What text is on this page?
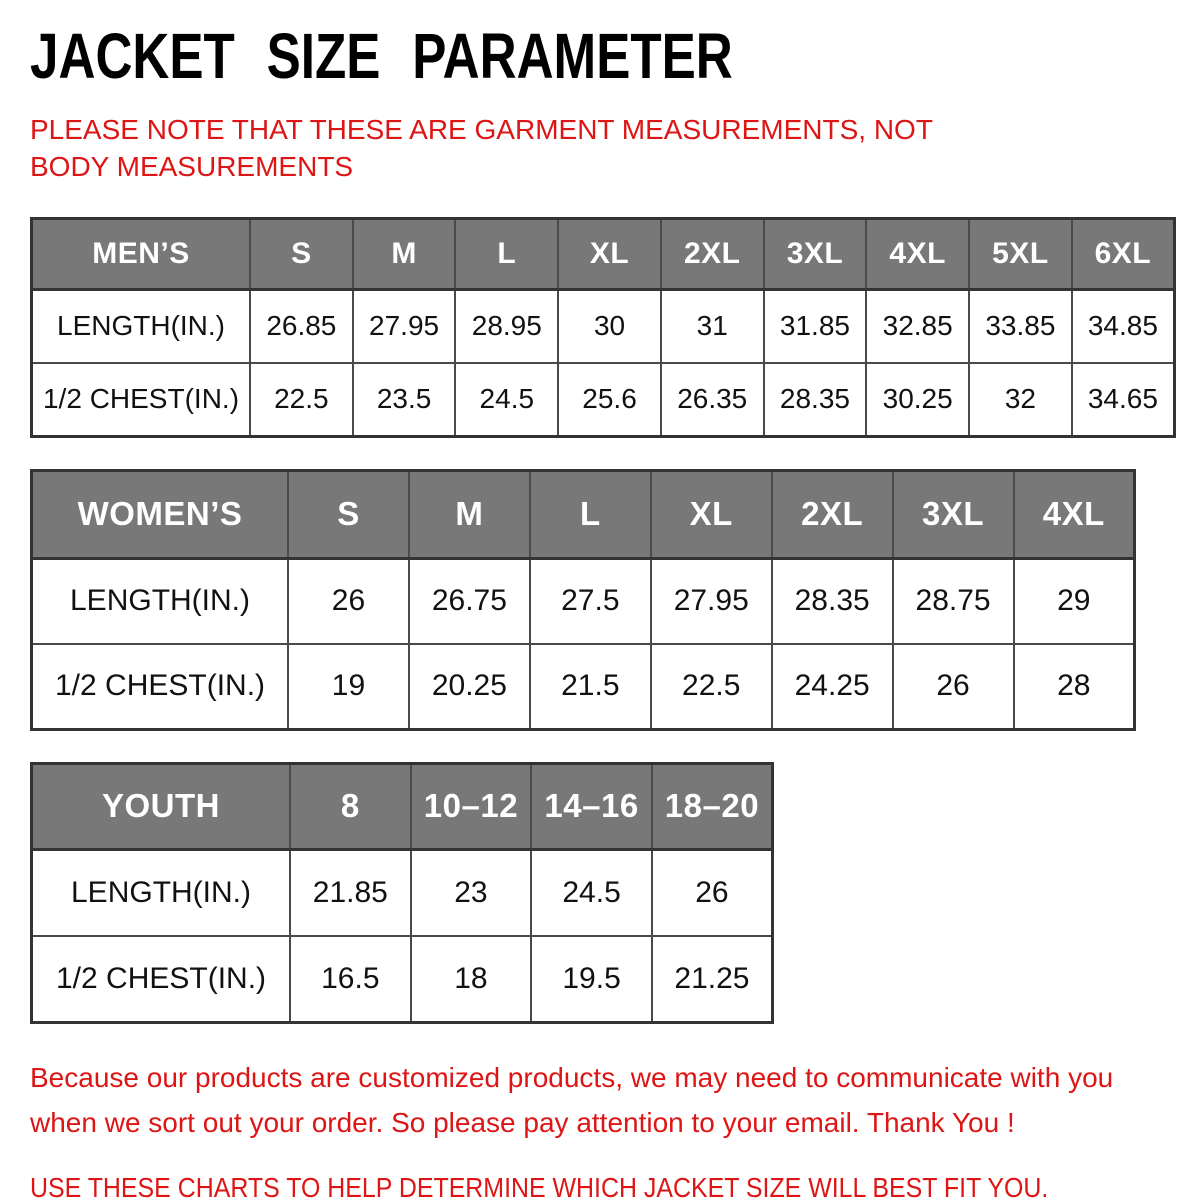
JACKET SIZE PARAMETER

PLEASE NOTE THAT THESE ARE GARMENT MEASUREMENTS, NOT BODY MEASUREMENTS

MEN’S	S	M	L	XL	2XL	3XL	4XL	5XL	6XL
LENGTH(IN.)	26.85	27.95	28.95	30	31	31.85	32.85	33.85	34.85
1/2 CHEST(IN.)	22.5	23.5	24.5	25.6	26.35	28.35	30.25	32	34.65
WOMEN’S	S	M	L	XL	2XL	3XL	4XL
LENGTH(IN.)	26	26.75	27.5	27.95	28.35	28.75	29
1/2 CHEST(IN.)	19	20.25	21.5	22.5	24.25	26	28
YOUTH	8	10–12	14–16	18–20
LENGTH(IN.)	21.85	23	24.5	26
1/2 CHEST(IN.)	16.5	18	19.5	21.25

Because our products are customized products, we may need to communicate with you when we sort out your order. So please pay attention to your email. Thank You !

USE THESE CHARTS TO HELP DETERMINE WHICH JACKET SIZE WILL BEST FIT YOU.
